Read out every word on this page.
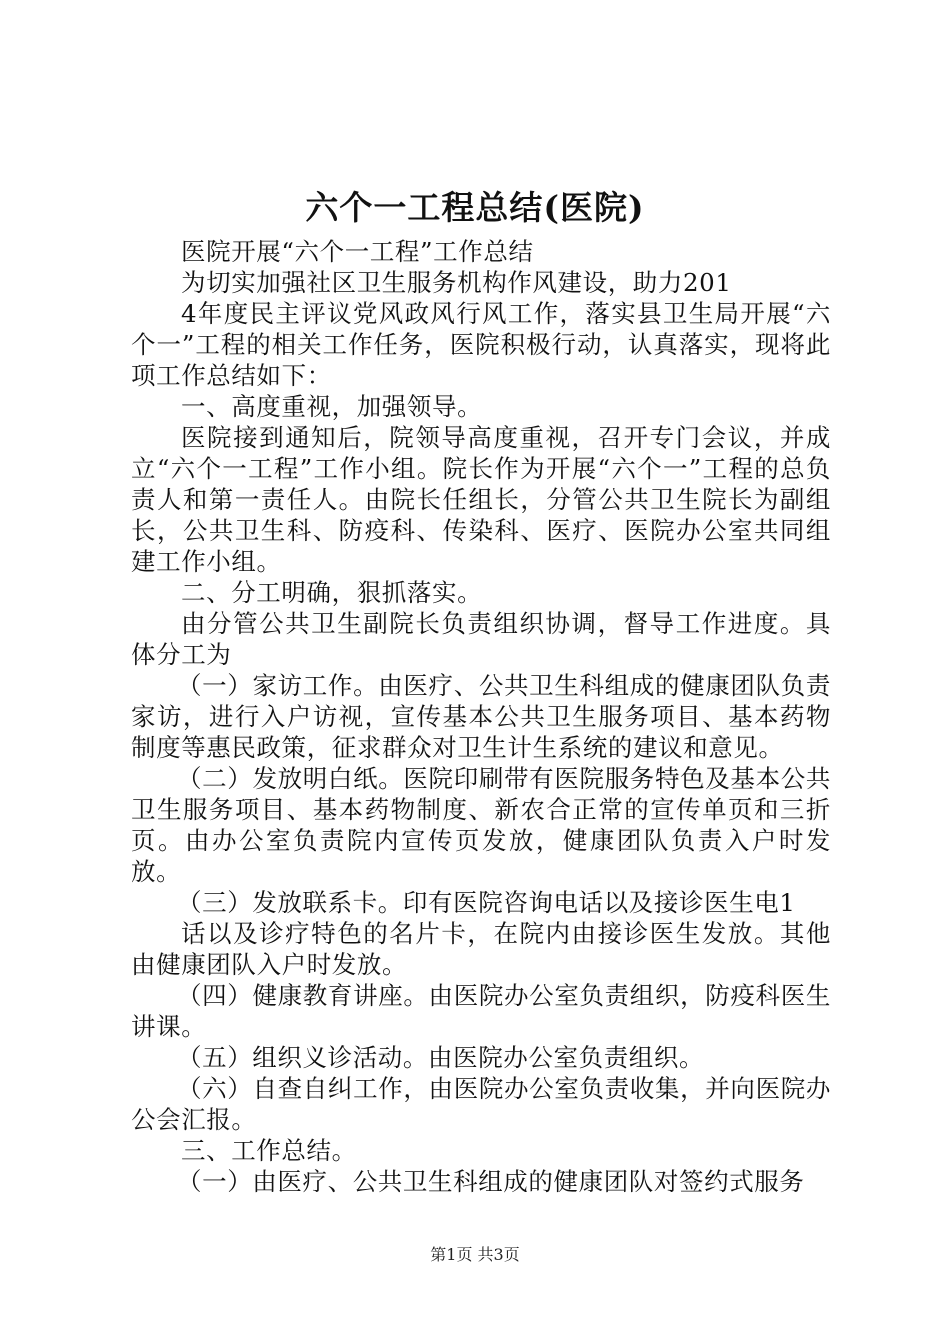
六个一工程总结(医院)

医院开展“六个一工程”工作总结

为切实加强社区卫生服务机构作风建设，助力201

4年度民主评议党风政风行风工作，落实县卫生局开展“六个一”工程的相关工作任务，医院积极行动，认真落实，现将此项工作总结如下：

一、高度重视，加强领导。

医院接到通知后，院领导高度重视，召开专门会议，并成立“六个一工程”工作小组。院长作为开展“六个一”工程的总负责人和第一责任人。由院长任组长，分管公共卫生院长为副组长，公共卫生科、防疫科、传染科、医疗、医院办公室共同组建工作小组。

二、分工明确，狠抓落实。

由分管公共卫生副院长负责组织协调，督导工作进度。具体分工为

（一）家访工作。由医疗、公共卫生科组成的健康团队负责家访，进行入户访视，宣传基本公共卫生服务项目、基本药物制度等惠民政策，征求群众对卫生计生系统的建议和意见。

（二）发放明白纸。医院印刷带有医院服务特色及基本公共卫生服务项目、基本药物制度、新农合正常的宣传单页和三折页。由办公室负责院内宣传页发放，健康团队负责入户时发放。

（三）发放联系卡。印有医院咨询电话以及接诊医生电1

话以及诊疗特色的名片卡，在院内由接诊医生发放。其他由健康团队入户时发放。

（四）健康教育讲座。由医院办公室负责组织，防疫科医生讲课。

（五）组织义诊活动。由医院办公室负责组织。

（六）自查自纠工作，由医院办公室负责收集，并向医院办公会汇报。

三、工作总结。

（一）由医疗、公共卫生科组成的健康团队对签约式服务

第1页 共3页
